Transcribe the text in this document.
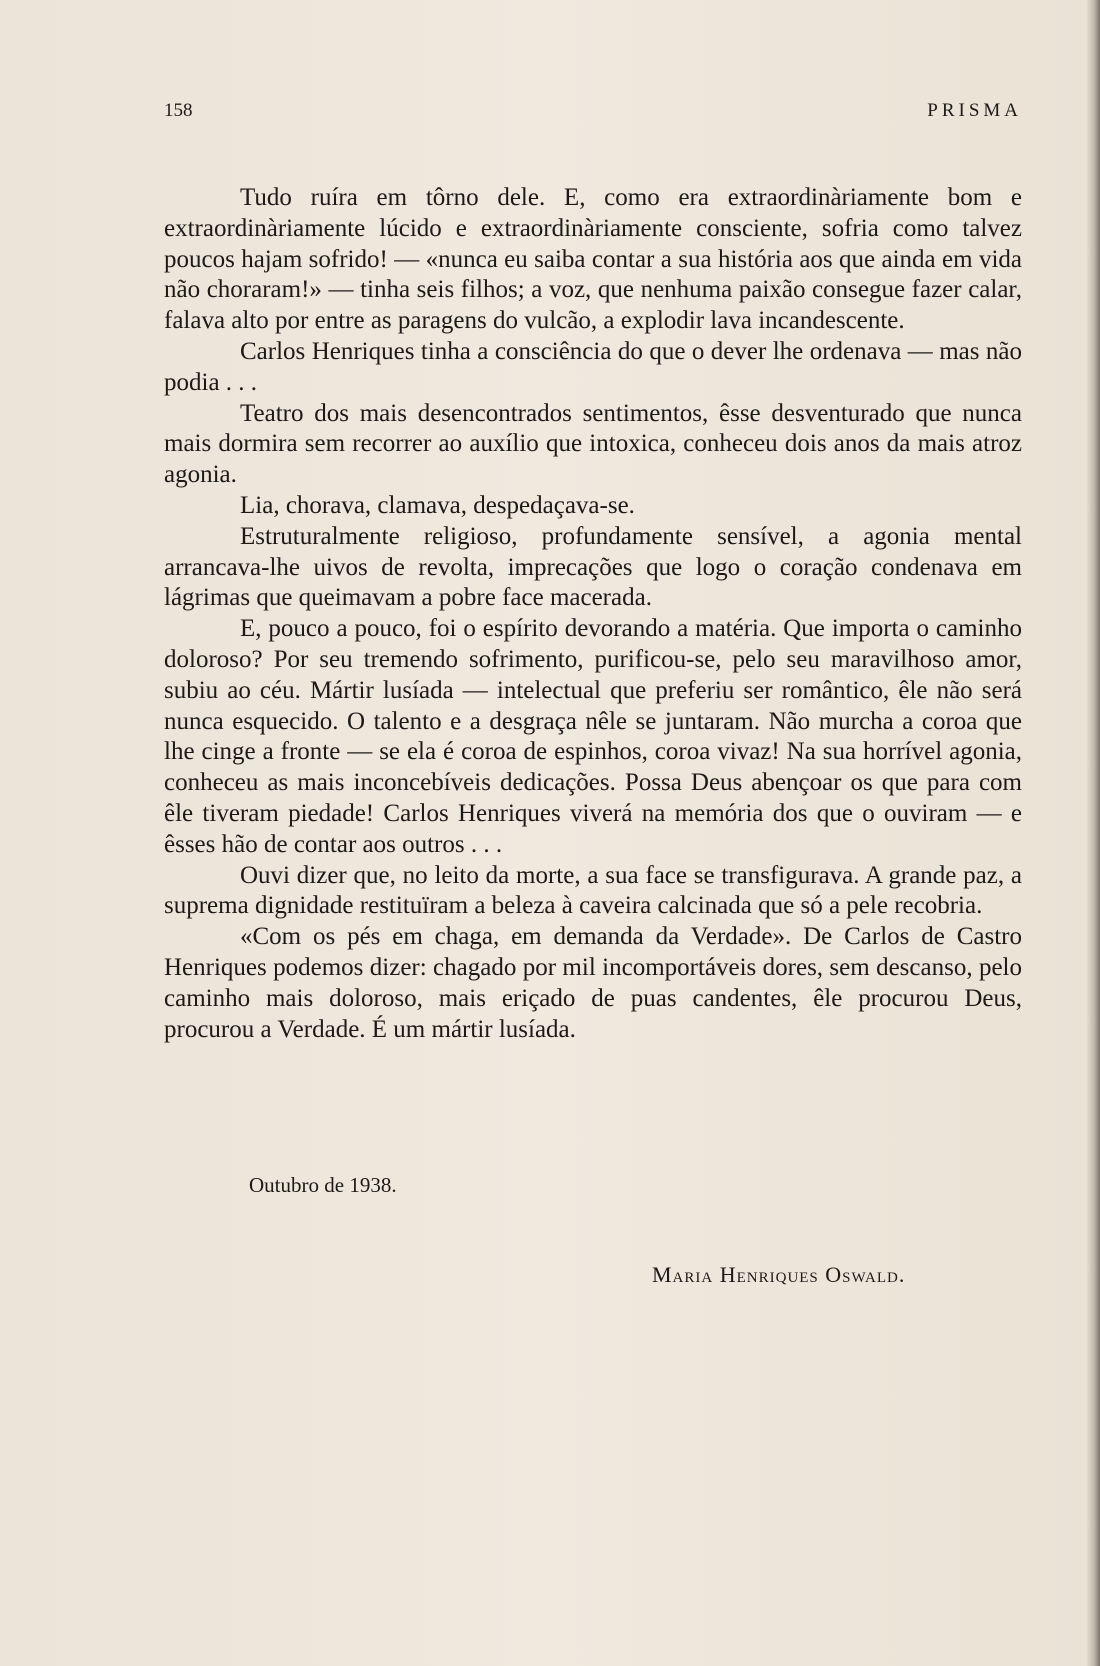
158	PRISMA

Tudo ruíra em tôrno dele. E, como era extraordinàriamente bom e extraordinàriamente lúcido e extraordinàriamente consciente, sofria como talvez poucos hajam sofrido! — «nunca eu saiba contar a sua história aos que ainda em vida não choraram!» — tinha seis filhos; a voz, que nenhuma paixão consegue fazer calar, falava alto por entre as paragens do vulcão, a explodir lava incandescente.

Carlos Henriques tinha a consciência do que o dever lhe ordenava — mas não podia . . .

Teatro dos mais desencontrados sentimentos, êsse desventurado que nunca mais dormira sem recorrer ao auxílio que intoxica, conheceu dois anos da mais atroz agonia.

Lia, chorava, clamava, despedaçava-se.

Estruturalmente religioso, profundamente sensível, a agonia mental arrancava-lhe uivos de revolta, imprecações que logo o coração condenava em lágrimas que queimavam a pobre face macerada.

E, pouco a pouco, foi o espírito devorando a matéria. Que importa o caminho doloroso? Por seu tremendo sofrimento, purificou-se, pelo seu maravilhoso amor, subiu ao céu. Mártir lusíada — intelectual que preferiu ser romântico, êle não será nunca esquecido. O talento e a desgraça nêle se juntaram. Não murcha a coroa que lhe cinge a fronte — se ela é coroa de espinhos, coroa vivaz! Na sua horrível agonia, conheceu as mais inconcebíveis dedicações. Possa Deus abençoar os que para com êle tiveram piedade! Carlos Henriques viverá na memória dos que o ouviram — e êsses hão de contar aos outros . . .

Ouvi dizer que, no leito da morte, a sua face se transfigurava. A grande paz, a suprema dignidade restituïram a beleza à caveira calcinada que só a pele recobria.

«Com os pés em chaga, em demanda da Verdade». De Carlos de Castro Henriques podemos dizer: chagado por mil incomportáveis dores, sem descanso, pelo caminho mais doloroso, mais eriçado de puas candentes, êle procurou Deus, procurou a Verdade. É um mártir lusíada.

Outubro de 1938.
Maria Henriques Oswald.
